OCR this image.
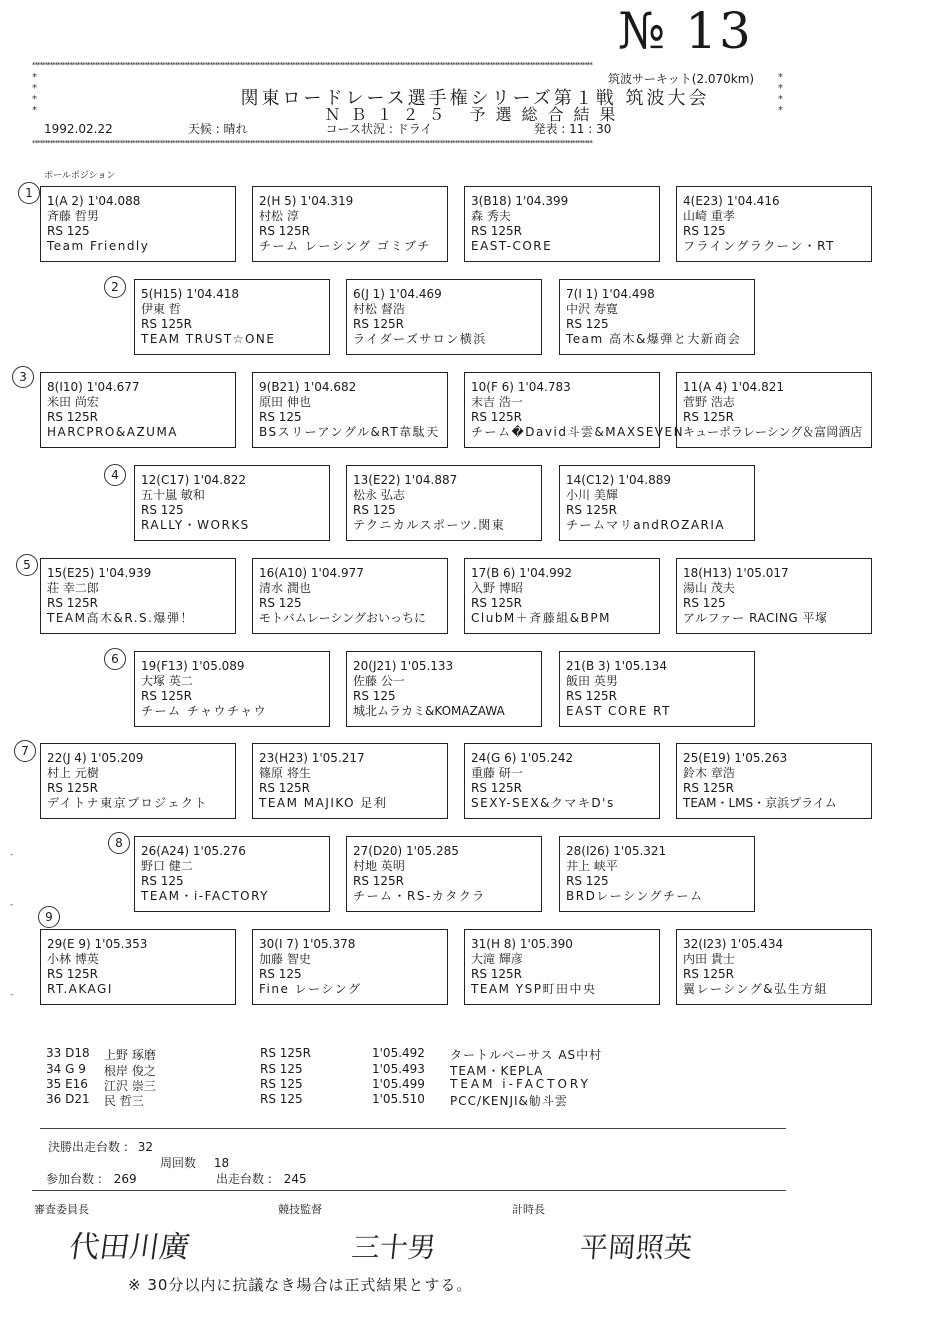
№ 13
********************************************************************************************************************************************************************************************************************************
*
*
*
*
*
*
*
*
********************************************************************************************************************************************************************************************************************************
筑波サーキット(2.070km)
関東ロードレース選手権シリーズ第１戦 筑波大会
ＮＢ１２５ 予選総合結果
1992.02.22	天候 : 晴れ	コース状況 : ドライ	発表 : 11 : 30
ポールポジション
1
2
3
4
5
6
7
8
9
1(A 2) 1'04.088
斉藤 哲男
RS 125
Team Friendly
2(H 5) 1'04.319
村松 淳
RS 125R
チーム レーシング ゴミブチ
3(B18) 1'04.399
森 秀夫
RS 125R
EAST-CORE
4(E23) 1'04.416
山崎 重孝
RS 125
フライングラクーン・RT
5(H15) 1'04.418
伊東 哲
RS 125R
TEAM TRUST☆ONE
6(J 1) 1'04.469
村松 督浩
RS 125R
ライダーズサロン横浜
7(I 1) 1'04.498
中沢 寿寛
RS 125
Team 高木&爆弾と大新商会
8(I10) 1'04.677
米田 尚宏
RS 125R
HARCPRO&AZUMA
9(B21) 1'04.682
原田 伸也
RS 125
BSスリーアングル&RT韋駄天
10(F 6) 1'04.783
末吉 浩一
RS 125R
チーム�David斗雲&MAXSEVEN
11(A 4) 1'04.821
菅野 浩志
RS 125R
キューポラレーシング＆富岡酒店
12(C17) 1'04.822
五十嵐 敏和
RS 125
RALLY・WORKS
13(E22) 1'04.887
松永 弘志
RS 125
テクニカルスポーツ.関東
14(C12) 1'04.889
小川 美輝
RS 125R
チームマリandROZARIA
15(E25) 1'04.939
荘 幸二郎
RS 125R
TEAM高木&R.S.爆弾！
16(A10) 1'04.977
清水 潤也
RS 125
モトバムレーシングおいっちに
17(B 6) 1'04.992
入野 博昭
RS 125R
ClubM＋斉藤組&BPM
18(H13) 1'05.017
湯山 茂夫
RS 125
アルファー RACING 平塚
19(F13) 1'05.089
大塚 英二
RS 125R
チーム チャウチャウ
20(J21) 1'05.133
佐藤 公一
RS 125
城北ムラカミ&KOMAZAWA
21(B 3) 1'05.134
飯田 英男
RS 125R
EAST CORE RT
22(J 4) 1'05.209
村上 元樹
RS 125R
デイトナ東京プロジェクト
23(H23) 1'05.217
篠原 将生
RS 125R
TEAM MAJIKO 足利
24(G 6) 1'05.242
重藤 研一
RS 125R
SEXY-SEX&クマキD's
25(E19) 1'05.263
鈴木 章浩
RS 125R
TEAM・LMS・京浜プライム
26(A24) 1'05.276
野口 健二
RS 125
TEAM・i-FACTORY
27(D20) 1'05.285
村地 英明
RS 125R
チーム・RS-カタクラ
28(I26) 1'05.321
井上 峡平
RS 125
BRDレーシングチーム
29(E 9) 1'05.353
小林 博英
RS 125R
RT.AKAGI
30(I 7) 1'05.378
加藤 智史
RS 125
Fine レーシング
31(H 8) 1'05.390
大滝 輝彦
RS 125R
TEAM YSP町田中央
32(I23) 1'05.434
内田 貴士
RS 125R
翼レーシング&弘生方組
33 D18 上野 琢磨	RS 125R	1'05.492 タートルベーサス AS中村
34 G 9 根岸 俊之	RS 125	1'05.493 TEAM・KEPLA
35 E16 江沢 崇三	RS 125	1'05.499 TEAM i-FACTORY
36 D21 民 哲三	RS 125	1'05.510 PCC/KENJI&觔斗雲
決勝出走台数 : 32
周回数 18
参加台数 : 269	出走台数 : 245
審査委員長	競技監督	計時長
代田川廣	三十男	平岡照英
※ 30分以内に抗議なき場合は正式結果とする。
‐
‐
‐
